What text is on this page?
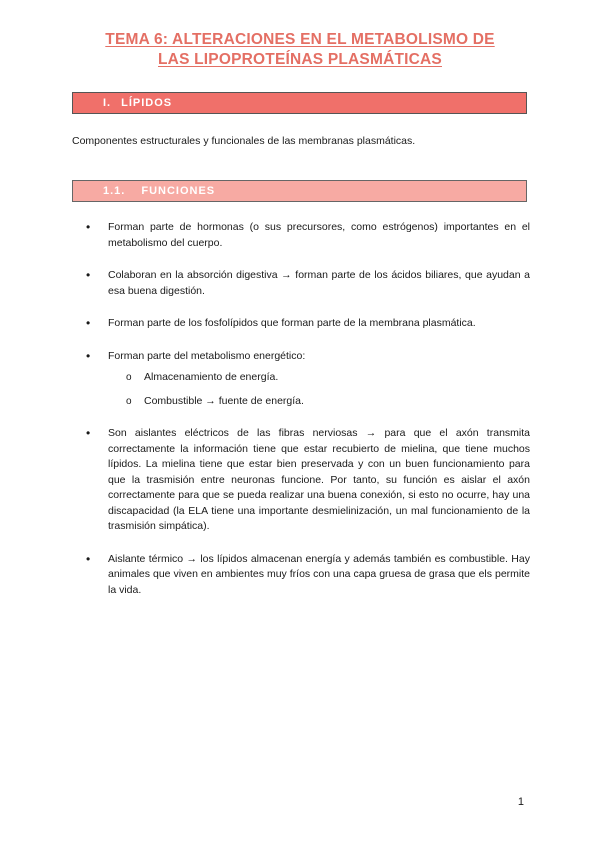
TEMA 6: ALTERACIONES EN EL METABOLISMO DE
LAS LIPOPROTEÍNAS PLASMÁTICAS
I. LÍPIDOS
Componentes estructurales y funcionales de las membranas plasmáticas.
1.1. FUNCIONES
• Forman parte de hormonas (o sus precursores, como estrógenos) importantes en el metabolismo del cuerpo.
• Colaboran en la absorción digestiva → forman parte de los ácidos biliares, que ayudan a esa buena digestión.
• Forman parte de los fosfolípidos que forman parte de la membrana plasmática.
• Forman parte del metabolismo energético:
o Almacenamiento de energía.
o Combustible → fuente de energía.
• Son aislantes eléctricos de las fibras nerviosas → para que el axón transmita correctamente la información tiene que estar recubierto de mielina, que tiene muchos lípidos. La mielina tiene que estar bien preservada y con un buen funcionamiento para que la trasmisión entre neuronas funcione. Por tanto, su función es aislar el axón correctamente para que se pueda realizar una buena conexión, si esto no ocurre, hay una discapacidad (la ELA tiene una importante desmielinización, un mal funcionamiento de la trasmisión simpática).
• Aislante térmico → los lípidos almacenan energía y además también es combustible. Hay animales que viven en ambientes muy fríos con una capa gruesa de grasa que els permite la vida.
1
